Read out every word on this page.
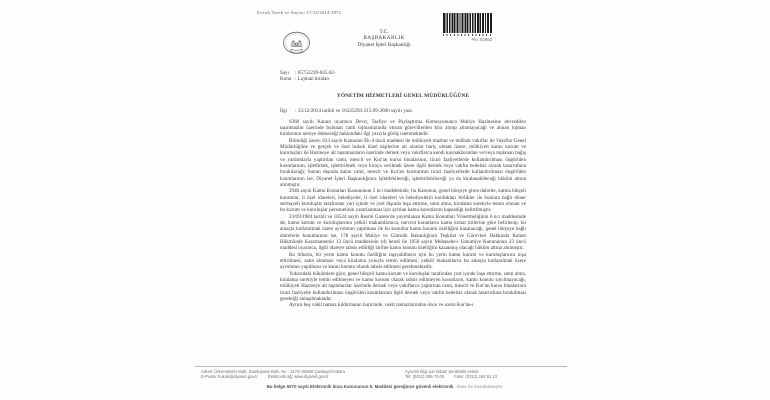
Evrak Tarih ve Sayısı: 17/12/2014-2872
Pin: 92962
T.C.
BAŞBAKANLIK
Diyanet İşleri Başkanlığı
Sayı : 65752239-045.02-
Konu : Lojman kiraları
YÖNETİM HİZMETLERİ GENEL MÜDÜRLÜĞÜNE
İlgi : 15/12/2014 tarihli ve 16225293-215.99-2680 sayılı yazı.

6360 sayılı Kanun uyarınca Devir, Tasfiye ve Paylaştırma Komisyonunca Maliye Hazinesine devredilen taşınmazlar üzerinde bulunan cami lojmanlarında oturan görevlilerden kira alınıp alınmayacağı ve alınan lojman kiralarının nereye ödeneceği hakkındaki ilgi yazıyla görüş istenmektedir.

Bilindiği üzere, 633 sayılı Kanunun Ek-4 üncü maddesi ile mülkiyeti mazbut ve mülhak vakıflar ile Vakıflar Genel Müdürlüğüne ve gerçek ve özel hukuk tüzel kişilerine ait olanlar hariç olmak üzere, mülkiyeti kamu kurum ve kuruluşları ile Hazineye ait taşınmazların üzerinde dernek veya vakıflarca kendi kaynaklarından ve/veya toplanan bağış ve yardımlarla yaptırılan cami, mescit ve Kur'an kursu binalarının, ticari faaliyetlerde kullandırılması öngörülen kısımlarının, işletilmek, işlettirilmek veya kiraya verilmek üzere ilgili dernek veya vakfın bedelsiz olarak tasarrufuna bırakılacağı; bunun dışında kalan cami, mescit ve Kur'an kurslarının ticari faaliyetlerde kullandırılması öngörülen kısımlarının ise, Diyanet İşleri Başkanlığınca işletilebileceği, işlettirilebileceği ya da kiralanabileceği hüküm altına alınmıştır.

2946 sayılı Kamu Konutları Kanununun 2 nci maddesinde, bu Kanunun, genel bütçeye giren daireler, katma bütçeli kurumlar, il özel idareleri, belediyeler, il özel idareleri ve belediyelerin kurdukları birlikler ile bunlara bağlı döner sermayeli kuruluşlar tarafından yurt içinde ve yurt dışında inşa ettirme, satın alma, kiralama suretiyle temin olunan ve bu kurum ve kuruluşlar personelinin yararlanması için ayrılan kamu konutlarını kapsadığı belirtilmiştir.

23/09/1984 tarihli ve 18524 sayılı Resmî Gazete'de yayımlanan Kamu Konutları Yönetmeliğinin 6 ncı maddesinde de, kamu kurum ve kuruluşlarının yetkili makamlarınca, mevcut konutların kamu konut türlerine göre belirlenip, bu amaçta kullanılmak üzere ayrımının yapılması ile bu konutlar kamu konutu özelliğini kazanacağı, genel bütçeye bağlı dairelerin konutlarının ise, 178 sayılı Maliye ve Gümrük Bakanlığının Teşkilat ve Görevleri Hakkında Kanun Hükmünde Kararnamenin 13 üncü maddesinin (d) bendi ile 1050 sayılı Muhasebe-i Umumiye Kanununun 23 üncü maddesi uyarınca, ilgili idareye tahsis edildiği tarihte kamu konutu özelliğini kazanmış olacağı hüküm altına alınmıştır.

Bu itibarla, bir yerin kamu konutu özelliğini taşıyabilmesi için bu yerin kamu kurum ve kuruluşlarınca inşa ettirilmesi, satın alınması veya kiralama yoluyla temin edilmesi, yetkili makamlarca bu amaçla kullanılmak üzere ayrımının yapılması ve kamu konutu olarak tahsis edilmesi gerekmektedir.

Yukarıdaki hükümlere göre, genel bütçeli kamu kurum ve kuruluşlar tarafından yurt içinde inşa ettirme, satın alma, kiralama suretiyle temin edilmeyen ve kamu konutu olarak tahsis edilmeyen konutların, kamu konutu sayılmayacağı, mülkiyeti Hazineye ait taşınmazlar üzerinde dernek veya vakıflarca yaptırılan cami, mescit ve Kur'an kursu binalarının ticari faaliyette kullandırılması öngörülen kısımlarının ilgili dernek veya vakfın bedelsiz olarak tasarrufuna bırakılması gerektiği anlaşılmaktadır.

Ayrıca beş vakit namaz kıldırmanın haricinde, vakit namazlarından önce ve sonra Kur'an-ı

Adres: Üniversiteler Mah. Dumlupınar Bulv. No : 147/A 06800 Çankaya/Ankara
E-Posta: hukuk@diyanet.gov.tr Elektronik ağ: www.diyanet.gov.tr
Ayrıntılı bilgi için irtibat: Şerafettin Arslan
Tel: (0312) 295 70 00 Faks: (0312) 284 51 13
Bu belge 5070 sayılı Elektronik İmza Kanununun 5. Maddesi gereğince güvenli elektronik imza ile imzalanmıştır.
